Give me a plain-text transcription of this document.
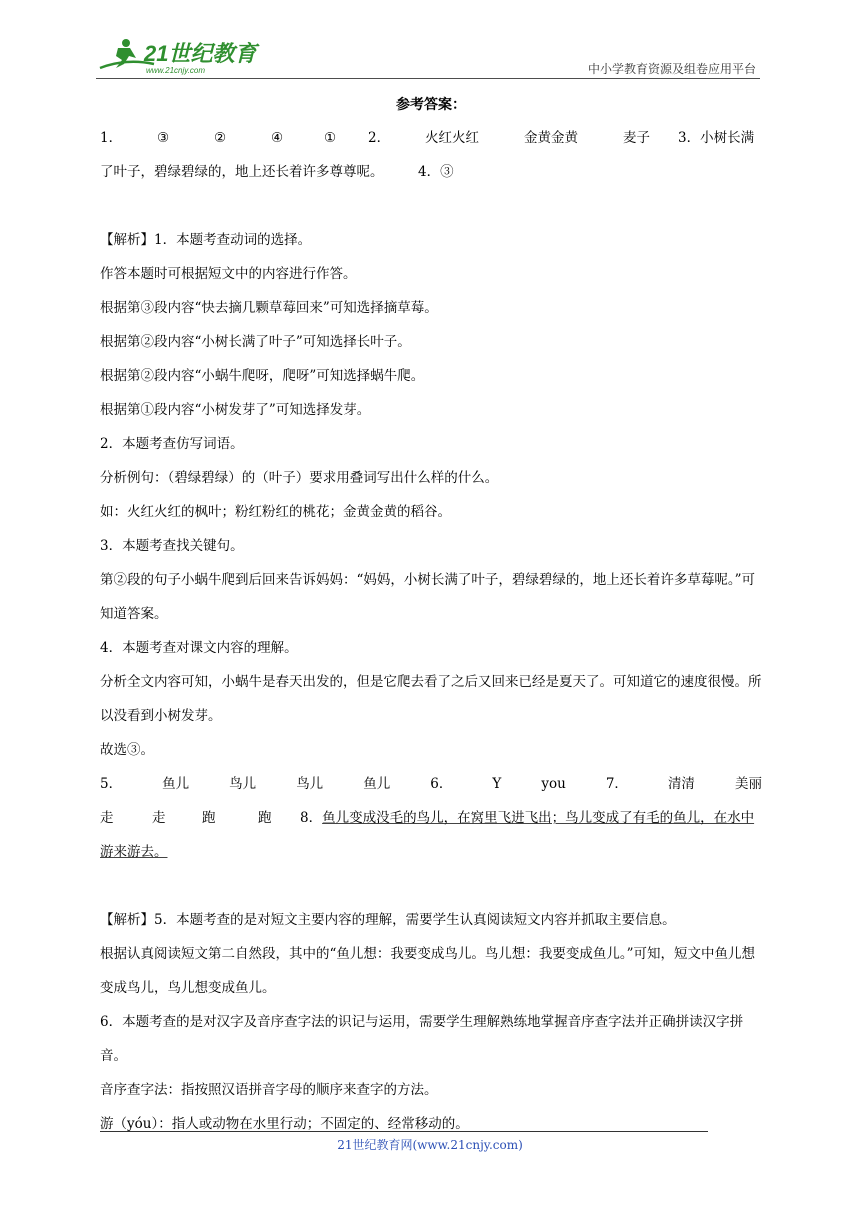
21世纪教育
www.21cnjy.com	中小学教育资源及组卷应用平台
参考答案：
1．	③	②	④	①	2．	火红火红	金黄金黄	麦子	3．小树长满
了叶子，碧绿碧绿的，地上还长着许多尊尊呢。	4．③

【解析】1．本题考查动词的选择。

作答本题时可根据短文中的内容进行作答。

根据第③段内容“快去摘几颗草莓回来”可知选择摘草莓。

根据第②段内容“小树长满了叶子”可知选择长叶子。

根据第②段内容“小蜗牛爬呀，爬呀”可知选择蜗牛爬。

根据第①段内容“小树发芽了”可知选择发芽。

2．本题考查仿写词语。

分析例句：（碧绿碧绿）的（叶子）要求用叠词写出什么样的什么。

如：火红火红的枫叶；粉红粉红的桃花；金黄金黄的稻谷。

3．本题考查找关键句。

第②段的句子小蜗牛爬到后回来告诉妈妈：“妈妈，小树长满了叶子，碧绿碧绿的，地上还长着许多草莓呢。”可知道答案。

4．本题考查对课文内容的理解。

分析全文内容可知，小蜗牛是春天出发的，但是它爬去看了之后又回来已经是夏天了。可知道它的速度很慢。所以没看到小树发芽。

故选③。

5．	鱼儿	鸟儿	鸟儿	鱼儿	6．	Y	you	7．	清清	美丽
走	走	跑	跑 8．鱼儿变成没毛的鸟儿，在窝里飞进飞出；鸟儿变成了有毛的鱼儿，在水中游来游去。

【解析】5．本题考查的是对短文主要内容的理解，需要学生认真阅读短文内容并抓取主要信息。

根据认真阅读短文第二自然段，其中的“鱼儿想：我要变成鸟儿。鸟儿想：我要变成鱼儿。”可知，短文中鱼儿想变成鸟儿，鸟儿想变成鱼儿。

6．本题考查的是对汉字及音序查字法的识记与运用，需要学生理解熟练地掌握音序查字法并正确拼读汉字拼音。

音序查字法：指按照汉语拼音字母的顺序来查字的方法。

游（yóu）：指人或动物在水里行动；不固定的、经常移动的。

21世纪教育网(www.21cnjy.com)
